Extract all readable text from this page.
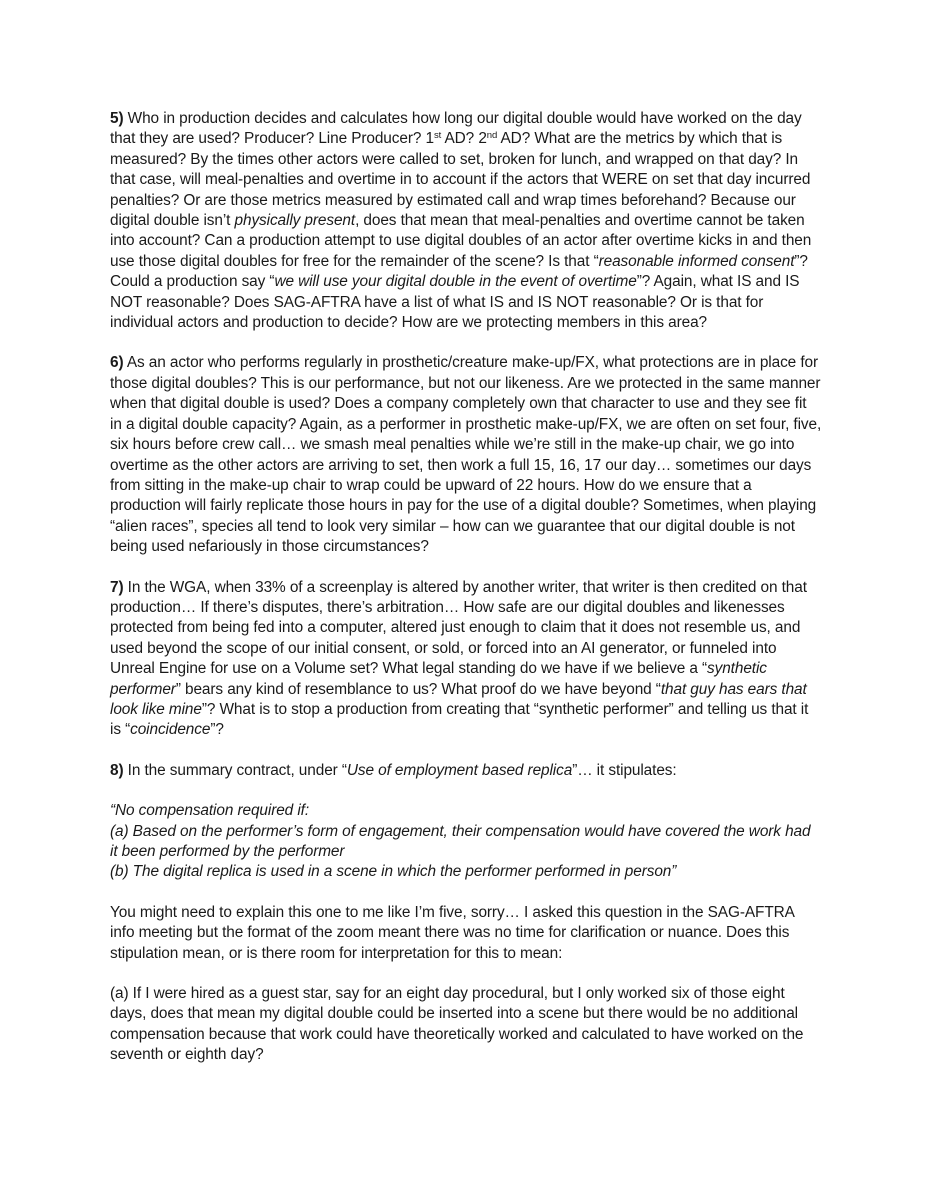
5) Who in production decides and calculates how long our digital double would have worked on the day that they are used? Producer? Line Producer? 1st AD? 2nd AD? What are the metrics by which that is measured? By the times other actors were called to set, broken for lunch, and wrapped on that day? In that case, will meal-penalties and overtime in to account if the actors that WERE on set that day incurred penalties? Or are those metrics measured by estimated call and wrap times beforehand? Because our digital double isn’t physically present, does that mean that meal-penalties and overtime cannot be taken into account? Can a production attempt to use digital doubles of an actor after overtime kicks in and then use those digital doubles for free for the remainder of the scene? Is that “reasonable informed consent”? Could a production say “we will use your digital double in the event of overtime”? Again, what IS and IS NOT reasonable? Does SAG-AFTRA have a list of what IS and IS NOT reasonable? Or is that for individual actors and production to decide? How are we protecting members in this area?

6) As an actor who performs regularly in prosthetic/creature make-up/FX, what protections are in place for those digital doubles? This is our performance, but not our likeness. Are we protected in the same manner when that digital double is used? Does a company completely own that character to use and they see fit in a digital double capacity? Again, as a performer in prosthetic make-up/FX, we are often on set four, five, six hours before crew call… we smash meal penalties while we’re still in the make-up chair, we go into overtime as the other actors are arriving to set, then work a full 15, 16, 17 our day… sometimes our days from sitting in the make-up chair to wrap could be upward of 22 hours. How do we ensure that a production will fairly replicate those hours in pay for the use of a digital double? Sometimes, when playing “alien races”, species all tend to look very similar – how can we guarantee that our digital double is not being used nefariously in those circumstances?

7) In the WGA, when 33% of a screenplay is altered by another writer, that writer is then credited on that production… If there’s disputes, there’s arbitration… How safe are our digital doubles and likenesses protected from being fed into a computer, altered just enough to claim that it does not resemble us, and used beyond the scope of our initial consent, or sold, or forced into an AI generator, or funneled into Unreal Engine for use on a Volume set? What legal standing do we have if we believe a “synthetic performer” bears any kind of resemblance to us? What proof do we have beyond “that guy has ears that look like mine”? What is to stop a production from creating that “synthetic performer” and telling us that it is “coincidence”?

8) In the summary contract, under “Use of employment based replica”… it stipulates:

“No compensation required if:
(a) Based on the performer’s form of engagement, their compensation would have covered the work had it been performed by the performer
(b) The digital replica is used in a scene in which the performer performed in person”

You might need to explain this one to me like I’m five, sorry… I asked this question in the SAG-AFTRA info meeting but the format of the zoom meant there was no time for clarification or nuance. Does this stipulation mean, or is there room for interpretation for this to mean:

(a) If I were hired as a guest star, say for an eight day procedural, but I only worked six of those eight days, does that mean my digital double could be inserted into a scene but there would be no additional compensation because that work could have theoretically worked and calculated to have worked on the seventh or eighth day?
